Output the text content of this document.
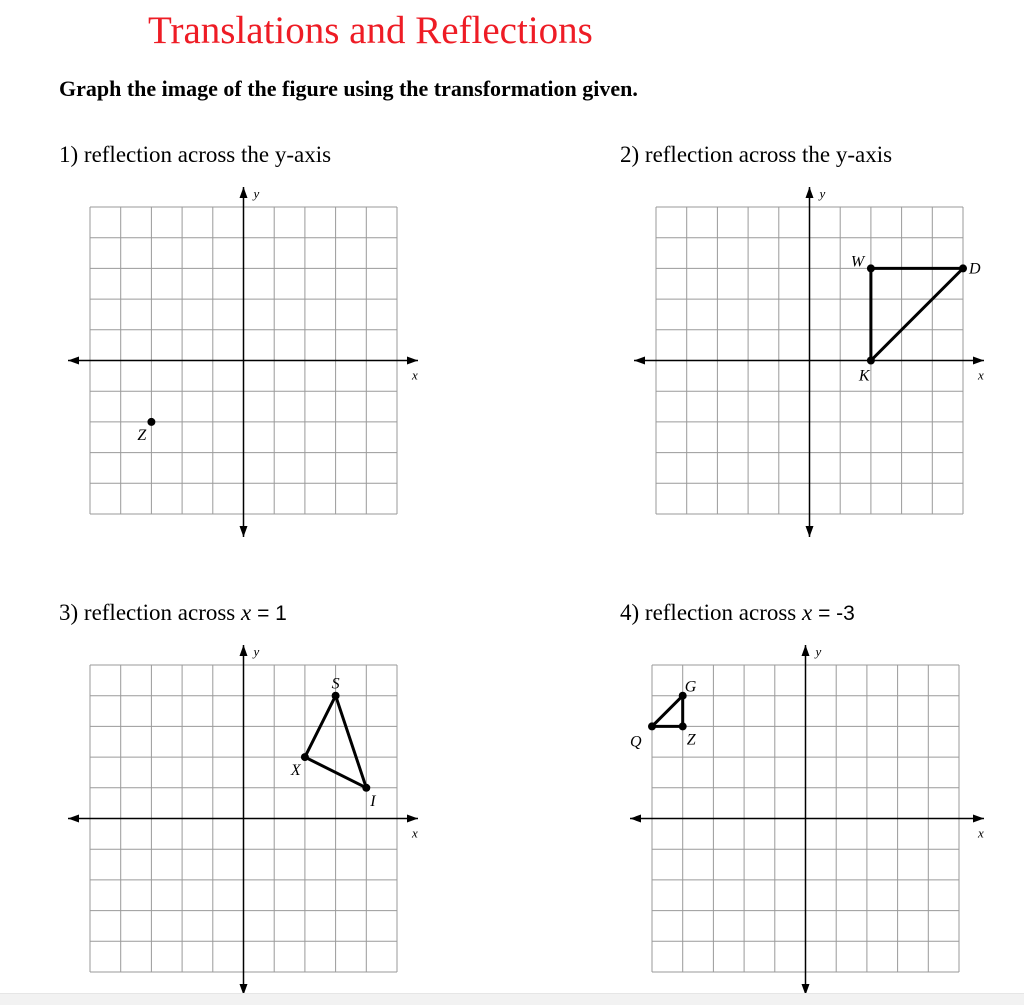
Translations and Reflections
Graph the image of the figure using the transformation given.
1) reflection across the y-axis	2) reflection across the y-axis
3) reflection across x = 1	4) reflection across x = -3
x
y
Z
x
y
W	D
K
x
y
S
X
I
x
y
G
Q	Z
